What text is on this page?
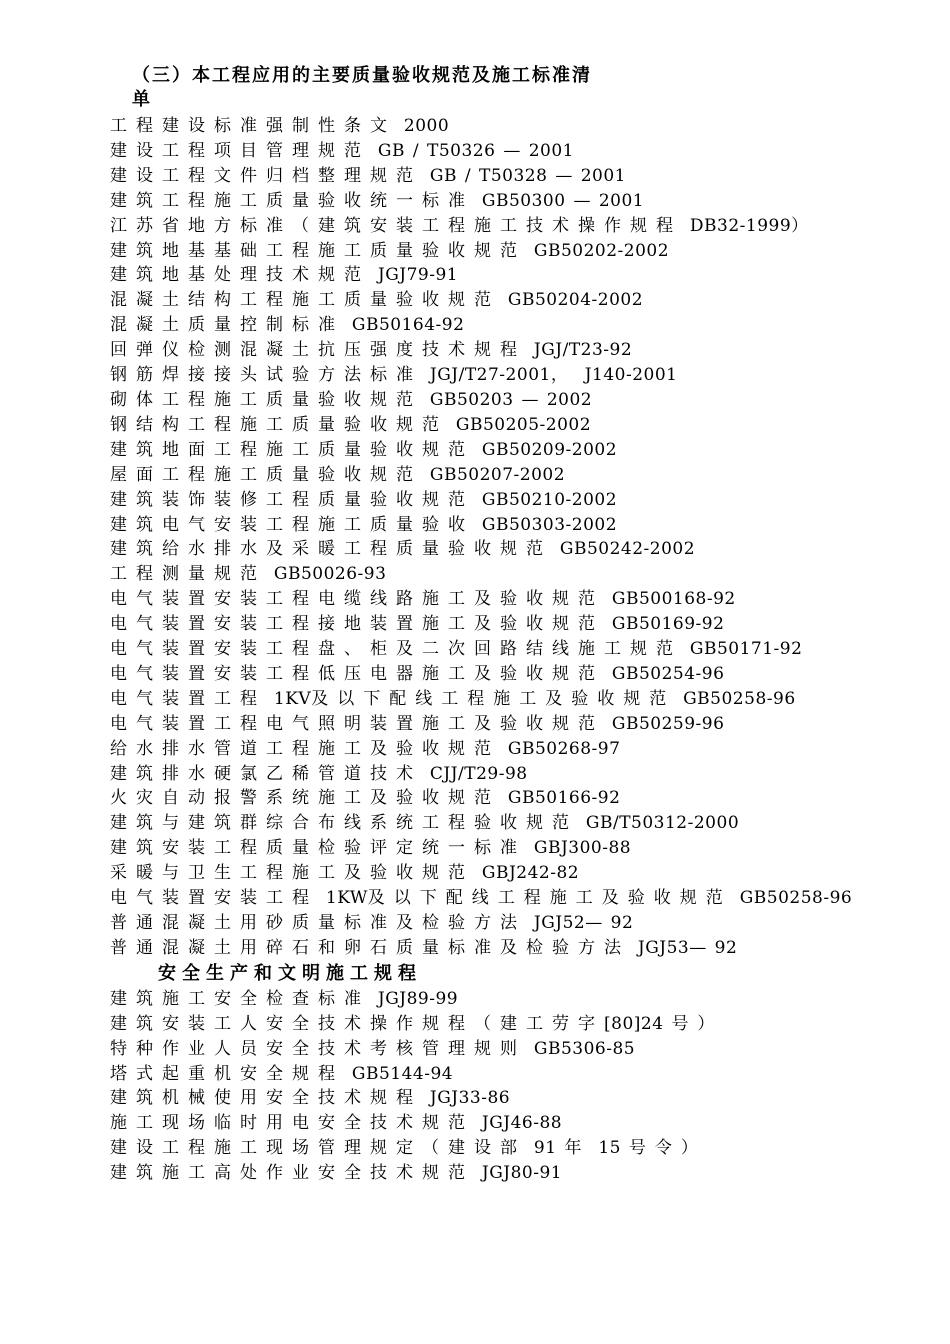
（三）本工程应用的主要质量验收规范及施工标准清
单
工程建设标准强制性条文 2000
建设工程项目管理规范 GB / T50326 — 2001
建设工程文件归档整理规范 GB / T50328 — 2001
建筑工程施工质量验收统一标准 GB50300 — 2001
江苏省地方标准（建筑安装工程施工技术操作规程 DB32-1999）
建筑地基基础工程施工质量验收规范 GB50202-2002
建筑地基处理技术规范 JGJ79-91
混凝土结构工程施工质量验收规范 GB50204-2002
混凝土质量控制标准 GB50164-92
回弹仪检测混凝土抗压强度技术规程 JGJ/T23-92
钢筋焊接接头试验方法标准 JGJ/T27-2001， J140-2001
砌体工程施工质量验收规范 GB50203 — 2002
钢结构工程施工质量验收规范 GB50205-2002
建筑地面工程施工质量验收规范 GB50209-2002
屋面工程施工质量验收规范 GB50207-2002
建筑装饰装修工程质量验收规范 GB50210-2002
建筑电气安装工程施工质量验收 GB50303-2002
建筑给水排水及采暖工程质量验收规范 GB50242-2002
工程测量规范 GB50026-93
电气装置安装工程电缆线路施工及验收规范 GB500168-92
电气装置安装工程接地装置施工及验收规范 GB50169-92
电气装置安装工程盘、柜及二次回路结线施工规范 GB50171-92
电气装置安装工程低压电器施工及验收规范 GB50254-96
电气装置工程 1KV及以下配线工程施工及验收规范 GB50258-96
电气装置工程电气照明装置施工及验收规范 GB50259-96
给水排水管道工程施工及验收规范 GB50268-97
建筑排水硬氯乙稀管道技术 CJJ/T29-98
火灾自动报警系统施工及验收规范 GB50166-92
建筑与建筑群综合布线系统工程验收规范 GB/T50312-2000
建筑安装工程质量检验评定统一标准 GBJ300-88
采暖与卫生工程施工及验收规范 GBJ242-82
电气装置安装工程 1KW及以下配线工程施工及验收规范 GB50258-96
普通混凝土用砂质量标准及检验方法 JGJ52— 92
普通混凝土用碎石和卵石质量标准及检验方法 JGJ53— 92
安全生产和文明施工规程
建筑施工安全检查标准 JGJ89-99
建筑安装工人安全技术操作规程（建工劳字[80]24 号）
特种作业人员安全技术考核管理规则 GB5306-85
塔式起重机安全规程 GB5144-94
建筑机械使用安全技术规程 JGJ33-86
施工现场临时用电安全技术规范 JGJ46-88
建设工程施工现场管理规定（建设部 91 年 15 号令）
建筑施工高处作业安全技术规范 JGJ80-91
